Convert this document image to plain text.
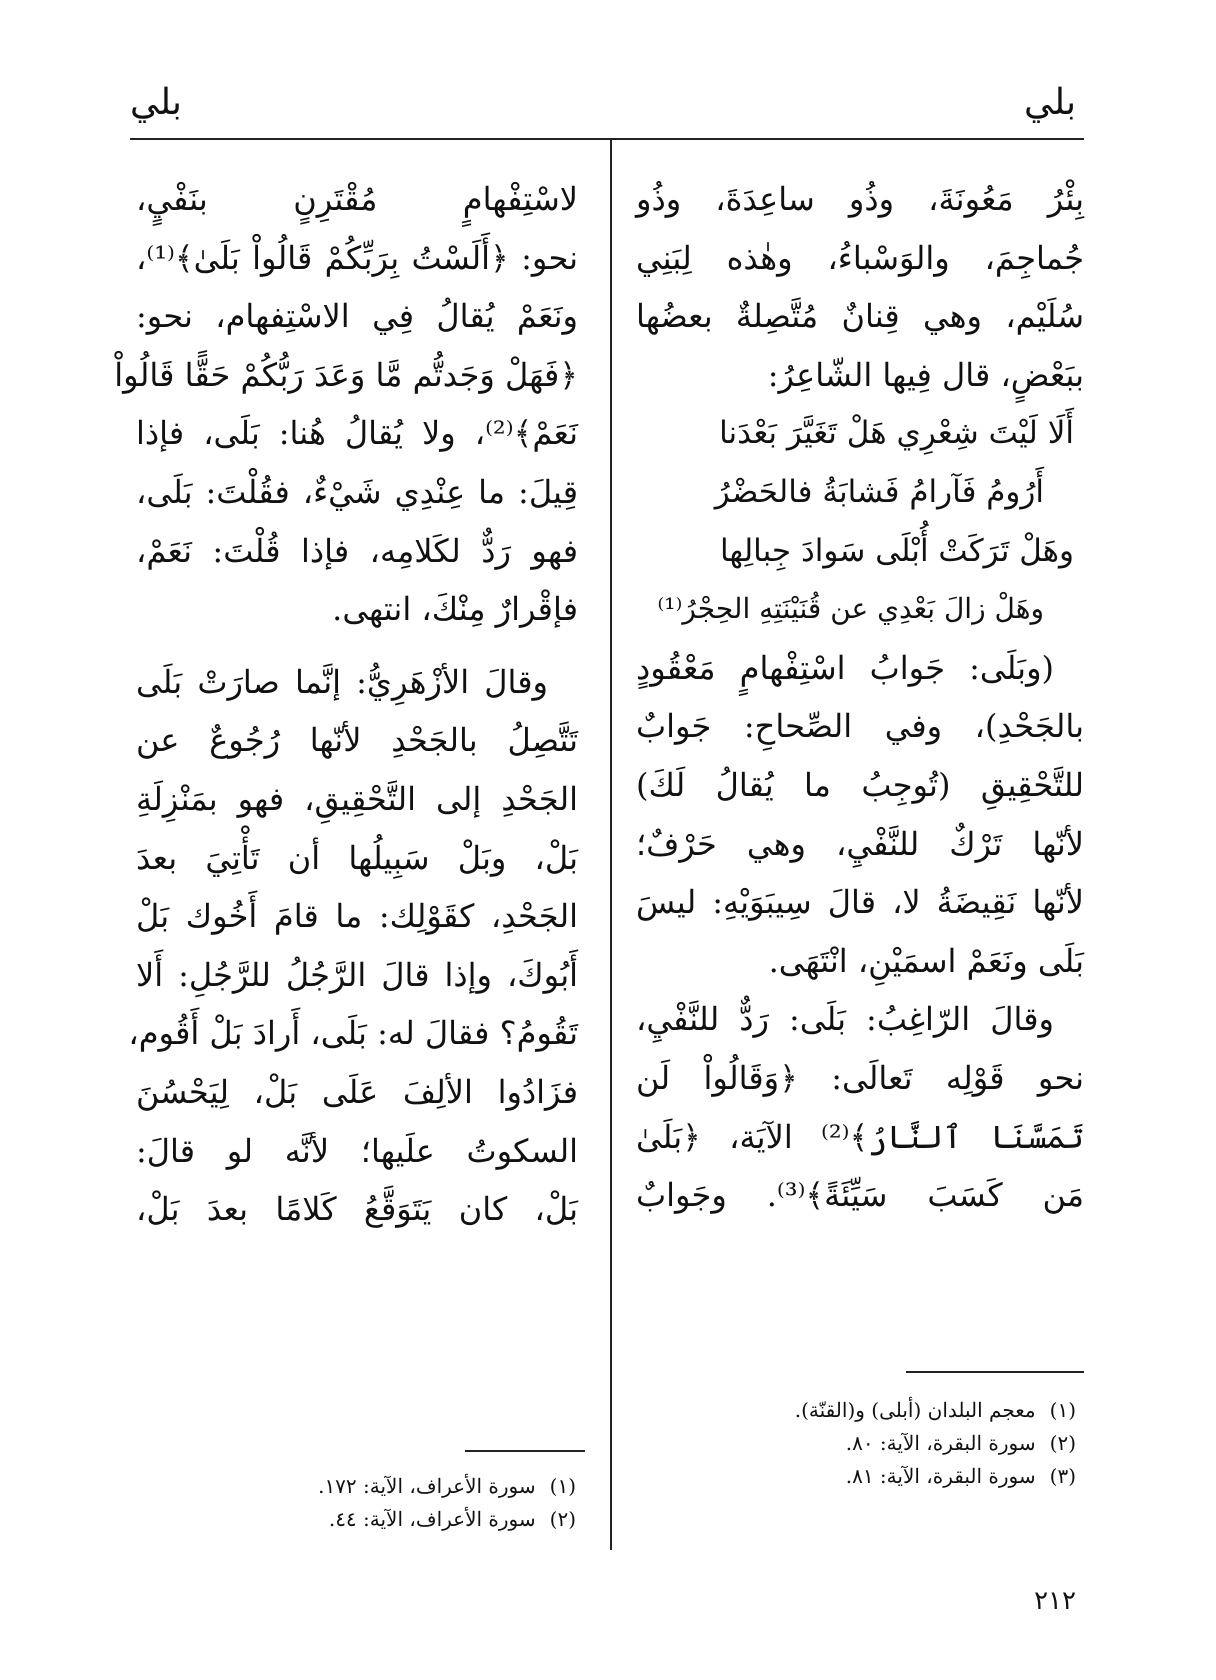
بلي
بلي
بِئْرُ مَعُونَةَ، وذُو ساعِدَةَ، وذُو
جُماجِمَ، والوَسْباءُ، وهٰذه لِبَنِي
سُلَيْم، وهي قِنانٌ مُتَّصِلةٌ بعضُها
ببَعْضٍ، قال فِيها الشّاعِرُ:
أَلَا لَيْتَ شِعْرِي هَلْ تَغَيَّرَ بَعْدَنا
أَرُومُ فَآرامُ فَشابَةُ فالحَضْرُ
وهَلْ تَرَكَتْ أُبْلَى سَوادَ جِبالِها
وهَلْ زالَ بَعْدِي عن قُنَيْنَتِهِ الحِجْرُ⁽¹⁾
(وبَلَى: جَوابُ اسْتِفْهامٍ مَعْقُودٍ
بالجَحْدِ)، وفي الصِّحاحِ: جَوابٌ
للتَّحْقِيقِ (تُوجِبُ ما يُقالُ لَكَ)
لأنّها تَرْكٌ للنَّفْيِ، وهي حَرْفٌ؛
لأنّها نَقِيضَةُ لا، قالَ سِيبَوَيْهِ: ليسَ
بَلَى ونَعَمْ اسمَيْنِ، انْتَهَى.
وقالَ الرّاغِبُ: بَلَى: رَدٌّ للنَّفْيِ،
نحو قَوْلِه تَعالَى: ﴿وَقَالُواْ لَن
تَمَسَّنَا ٱلنَّارُ﴾⁽²⁾ الآيَة، ﴿بَلَىٰ
مَن كَسَبَ سَيِّئَةً﴾⁽³⁾. وجَوابٌ
(١) معجم البلدان (أبلى) و(القنّة).
(٢) سورة البقرة، الآية: ٨٠.
(٣) سورة البقرة، الآية: ٨١.
لاسْتِفْهامٍ مُقْتَرِنٍ بنَفْيٍ،
نحو: ﴿أَلَسْتُ بِرَبِّكُمْ قَالُواْ بَلَىٰ﴾⁽¹⁾،
ونَعَمْ يُقالُ فِي الاسْتِفهام، نحو:
﴿فَهَلْ وَجَدتُّم مَّا وَعَدَ رَبُّكُمْ حَقًّا قَالُواْ
نَعَمْ﴾⁽²⁾، ولا يُقالُ هُنا: بَلَى، فإذا
قِيلَ: ما عِنْدِي شَيْءٌ، فقُلْتَ: بَلَى،
فهو رَدٌّ لكَلامِه، فإذا قُلْتَ: نَعَمْ،
فإقْرارٌ مِنْكَ، انتهى.
وقالَ الأزْهَرِيُّ: إنَّما صارَتْ بَلَى
تَتَّصِلُ بالجَحْدِ لأنّها رُجُوعٌ عن
الجَحْدِ إلى التَّحْقِيقِ، فهو بمَنْزِلَةِ
بَلْ، وبَلْ سَبِيلُها أن تَأْتِيَ بعدَ
الجَحْدِ، كقَوْلِك: ما قامَ أَخُوك بَلْ
أَبُوكَ، وإذا قالَ الرَّجُلُ للرَّجُلِ: أَلا
تَقُومُ؟ فقالَ له: بَلَى، أَرادَ بَلْ أَقُوم،
فزَادُوا الألِفَ عَلَى بَلْ، لِيَحْسُنَ
السكوتُ علَيها؛ لأنَّه لو قالَ:
بَلْ، كان يَتَوَقَّعُ كَلامًا بعدَ بَلْ،
(١) سورة الأعراف، الآية: ١٧٢.
(٢) سورة الأعراف، الآية: ٤٤.
٢١٢
